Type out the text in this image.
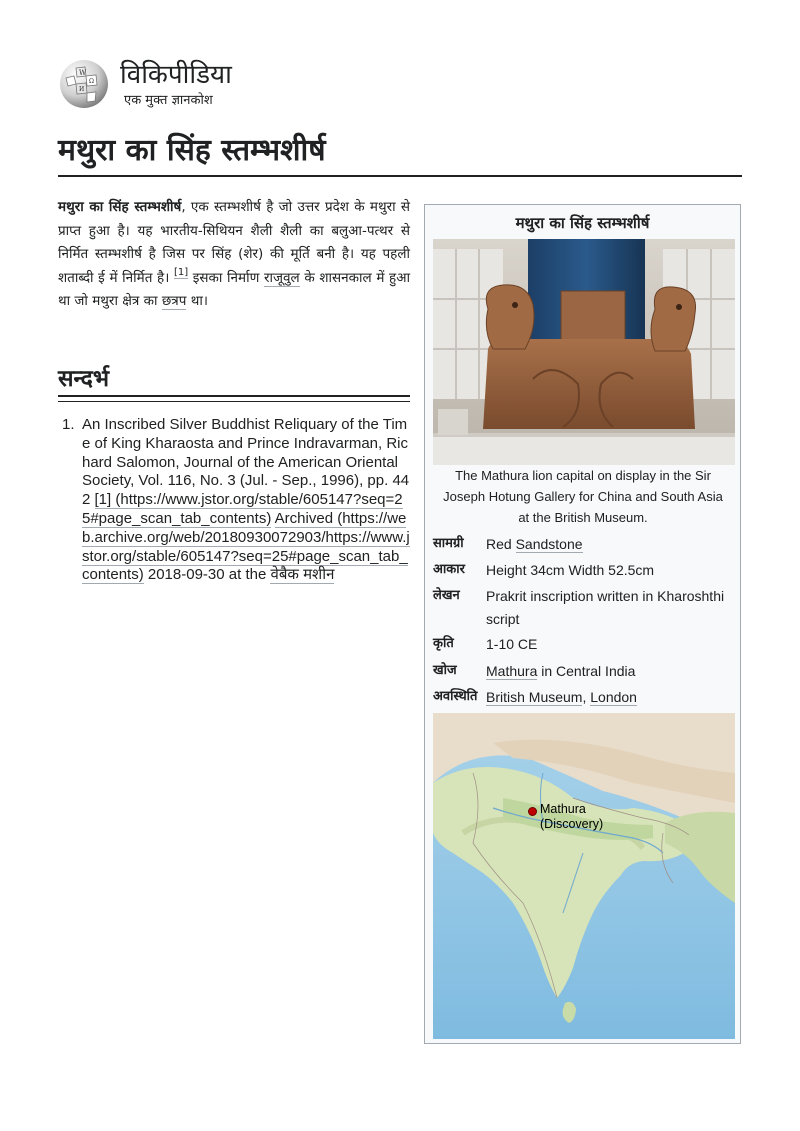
W
Ω
И विकिपीडिया
एक मुक्त ज्ञानकोश
मथुरा का सिंह स्तम्भशीर्ष

मथुरा का सिंह स्तम्भशीर्ष, एक स्तम्भशीर्ष है जो उत्तर प्रदेश के मथुरा से प्राप्त हुआ है। यह भारतीय-सिथियन शैली शैली का बलुआ-पत्थर से निर्मित स्तम्भशीर्ष है जिस पर सिंह (शेर) की मूर्ति बनी है। यह पहली शताब्दी ई में निर्मित है। [1] इसका निर्माण राजूवुल के शासनकाल में हुआ था जो मथुरा क्षेत्र का छत्रप था।

सन्दर्भ
1. An Inscribed Silver Buddhist Reliquary of the Time of King Kharaosta and Prince Indravarman, Richard Salomon, Journal of the American Oriental Society, Vol. 116, No. 3 (Jul. - Sep., 1996), pp. 442 [1] (https://www.jstor.org/stable/605147?seq=25#page_scan_tab_contents) Archived (https://web.archive.org/web/20180930072903/https://www.jstor.org/stable/605147?seq=25#page_scan_tab_contents) 2018-09-30 at the वेबैक मशीन

मथुरा का सिंह स्तम्भशीर्ष
The Mathura lion capital on display in the Sir Joseph Hotung Gallery for China and South Asia at the British Museum.
सामग्री Red Sandstone
आकार Height 34cm Width 52.5cm
लेखन Prakrit inscription written in Kharoshthi script
कृति 1-10 CE
खोज Mathura in Central India
अवस्थिति British Museum, London
Mathura
(Discovery)
